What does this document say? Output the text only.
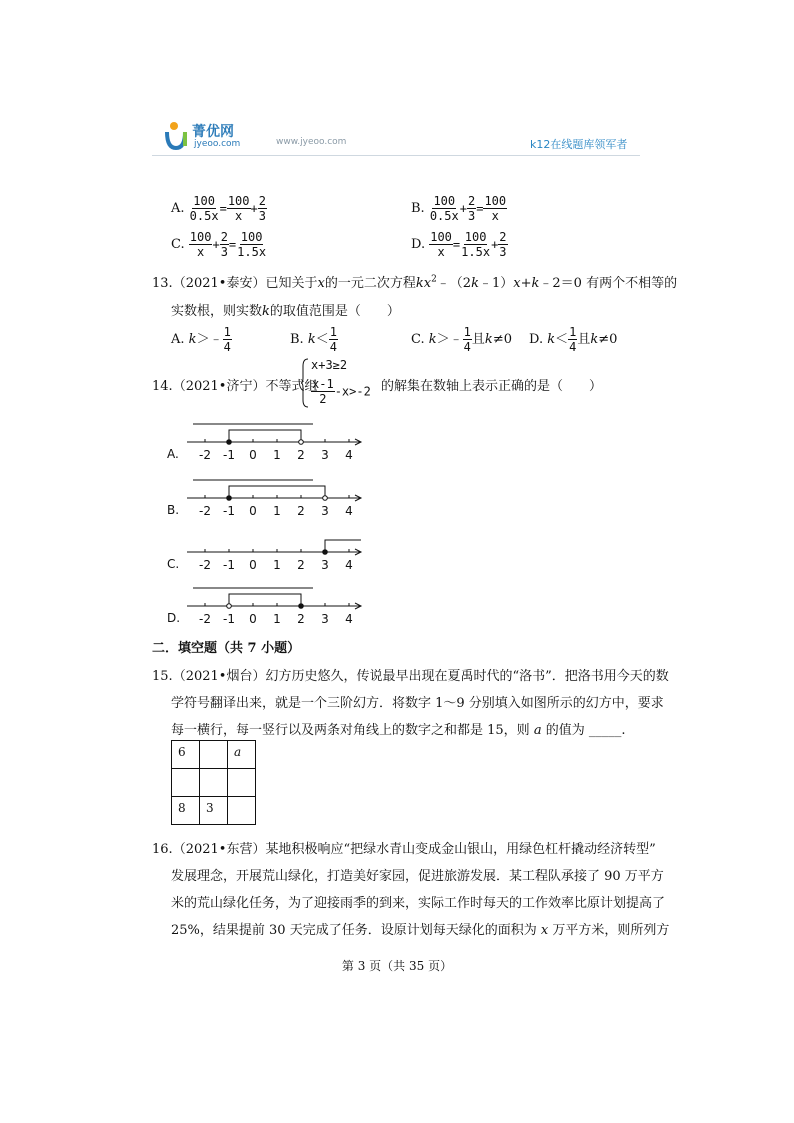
菁优网
jyeoo.com	www.jyeoo.com	k12在线题库领军者
A. $\frac{100}{0.5x} = \frac{100}{x} + \frac{2}{3}$	B. $\frac{100}{0.5x} + \frac{2}{3} = \frac{100}{x}$
C. $\frac{100}{x} + \frac{2}{3} = \frac{100}{1.5x}$	D. $\frac{100}{x} = \frac{100}{1.5x} + \frac{2}{3}$
13.（2021•泰安）已知关于x的一元二次方程$kx^2﹣(2k﹣1)x+k﹣2=0$ 有两个不相等的
实数根，则实数k的取值范围是（　　）
A. k＞﹣ $\frac{1}{4}$	B. $k< \frac{1}{4}$	C. k＞﹣ $\frac{1}{4}$ 且k≠0 D. $k< \frac{1}{4}$ 且k≠0
14.（2021•济宁）不等式组
x+3≥2
$\frac{x-1}{2} -x>-2$ 的解集在数轴上表示正确的是（　　）
A. -2 -1 0 1 2 3 4
B. -2 -1 0 1 2 3 4
C. -2 -1 0 1 2 3 4
D. -2 -1 0 1 2 3 4
二．填空题（共 7 小题）
15.（2021•烟台）幻方历史悠久，传说最早出现在夏禹时代的“洛书”．把洛书用今天的数
学符号翻译出来，就是一个三阶幻方．将数字 1～9 分别填入如图所示的幻方中，要求
每一横行，每一竖行以及两条对角线上的数字之和都是 15，则 a 的值为 _____.
6		a

8	3	
16.（2021•东营）某地积极响应“把绿水青山变成金山银山，用绿色杠杆撬动经济转型”
发展理念，开展荒山绿化，打造美好家园，促进旅游发展．某工程队承接了 90 万平方
米的荒山绿化任务，为了迎接雨季的到来，实际工作时每天的工作效率比原计划提高了
25%，结果提前 30 天完成了任务．设原计划每天绿化的面积为 x 万平方米，则所列方
第 3 页（共 35 页）
